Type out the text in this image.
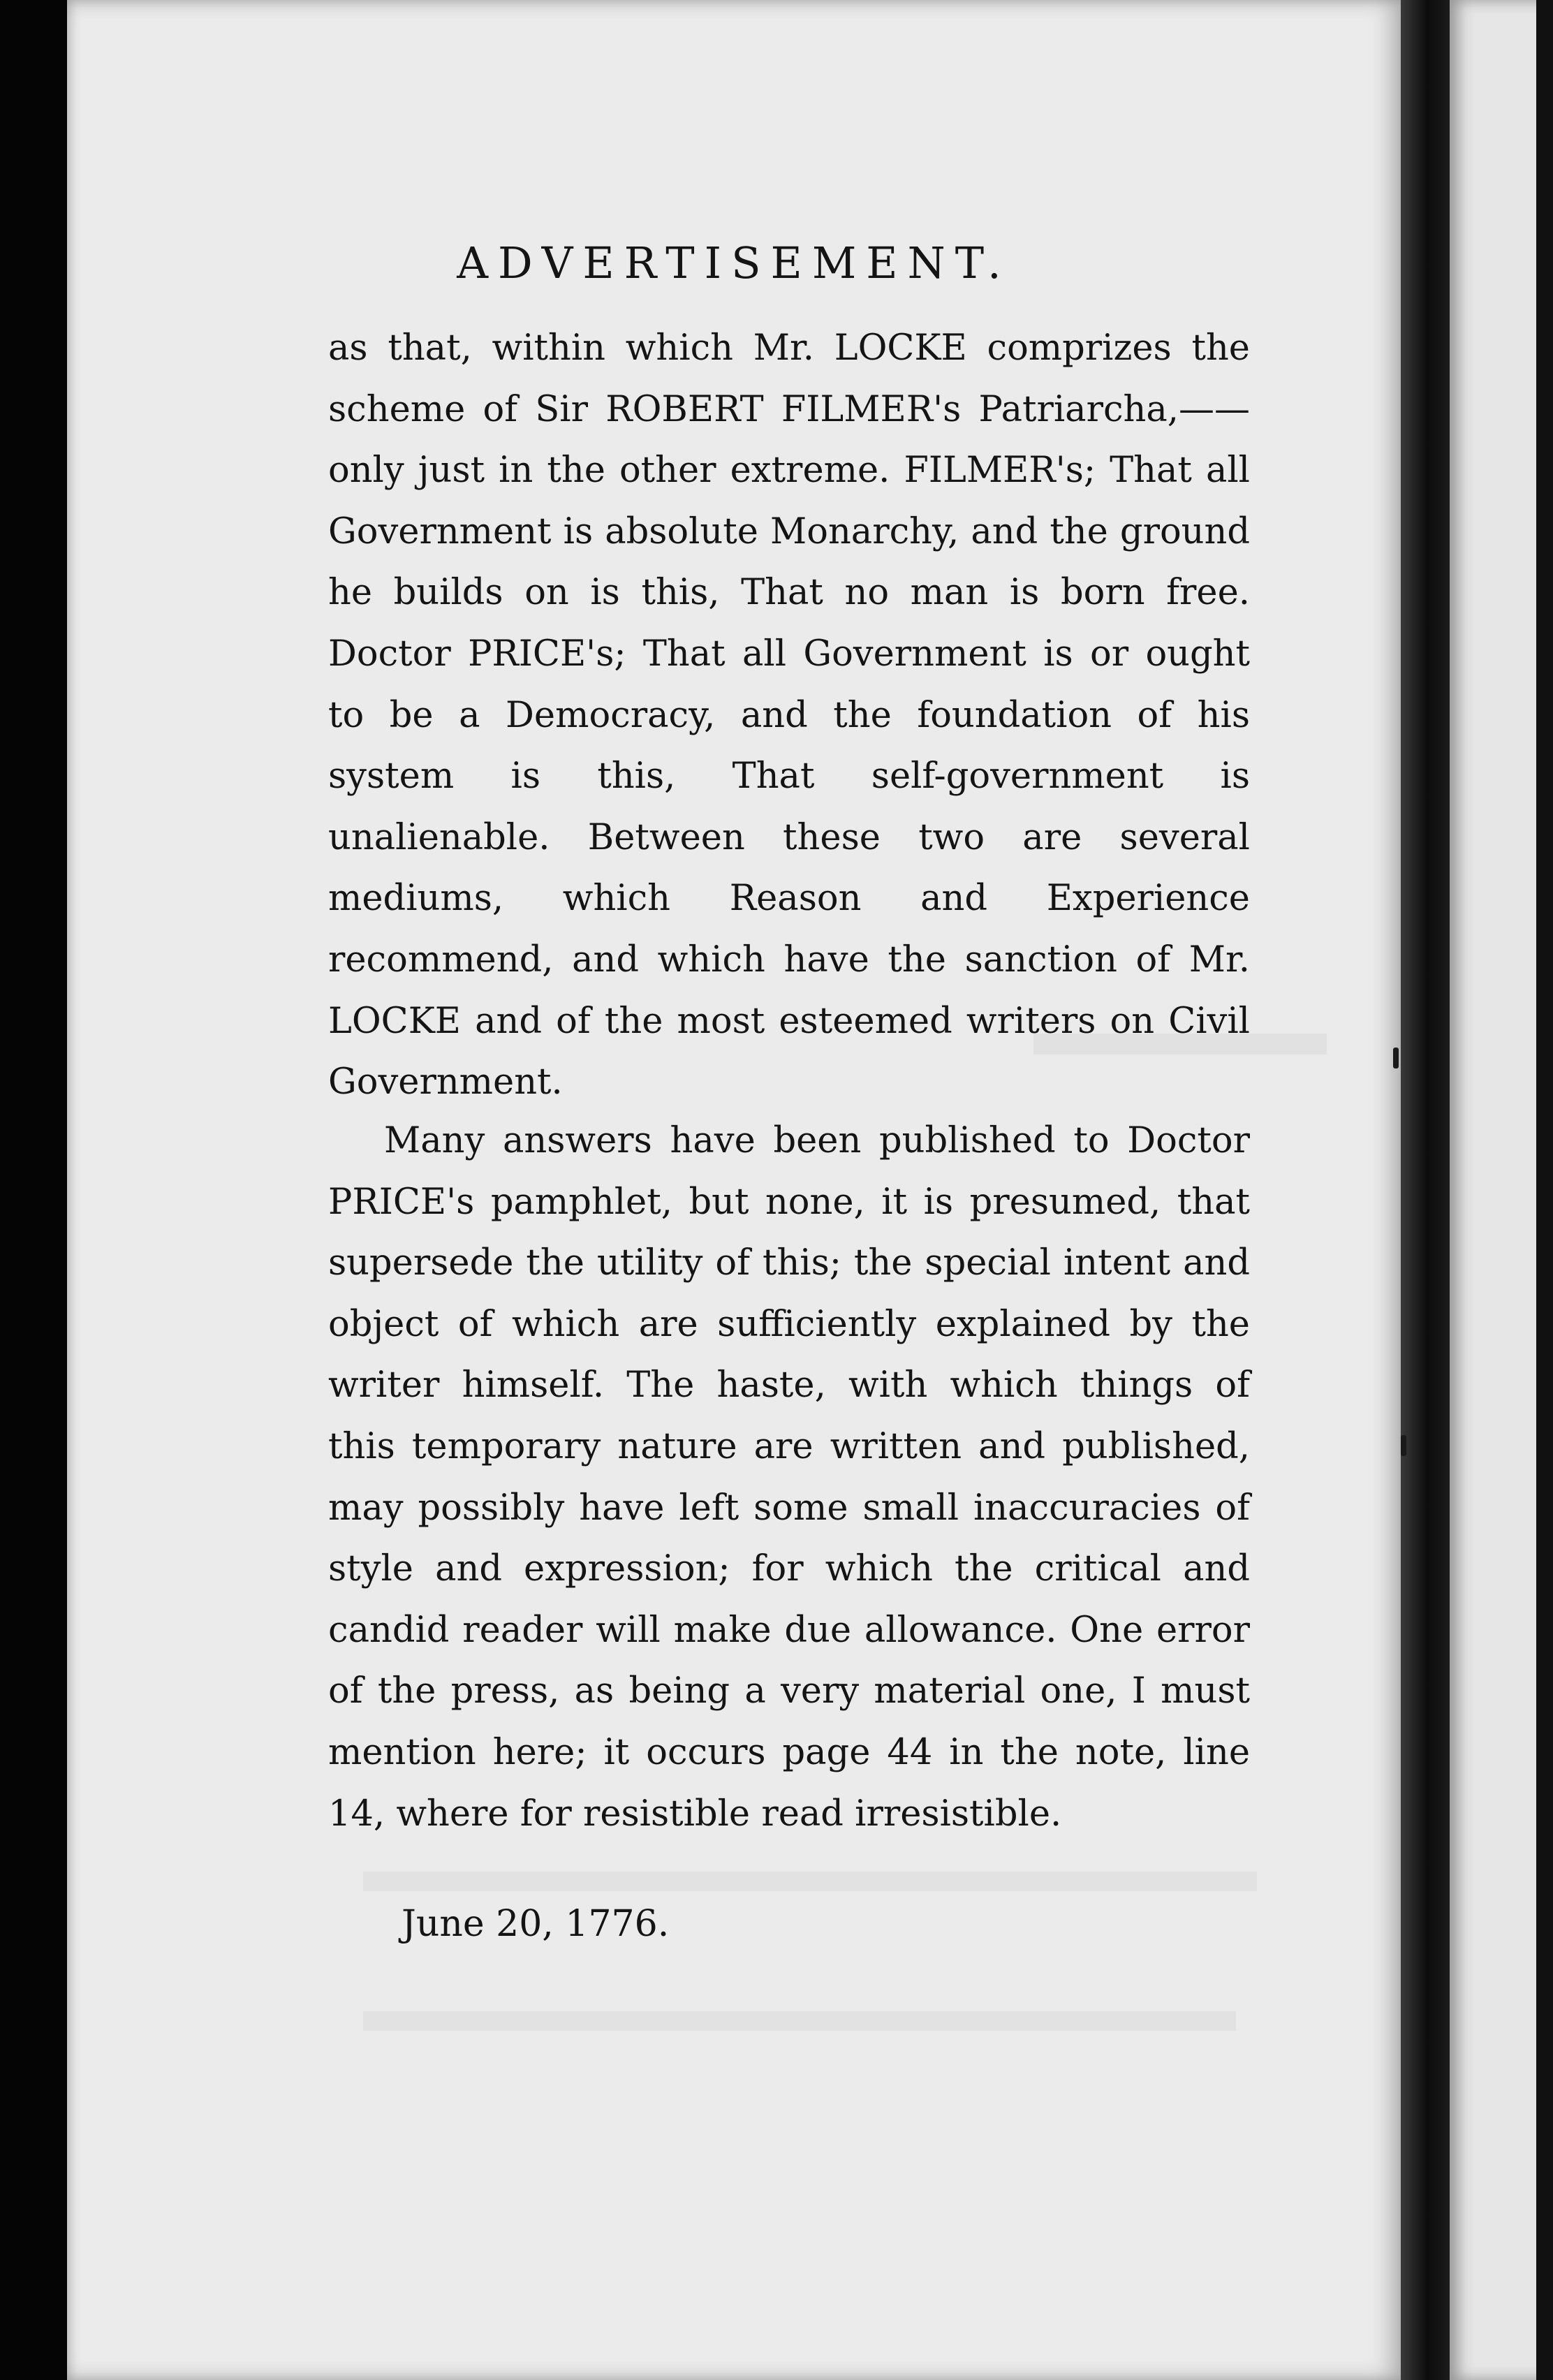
ADVERTISEMENT.

as that, within which Mr. LOCKE comprizes the scheme of Sir ROBERT FILMER's Patriarcha,—— only just in the other extreme. FILMER's; That all Government is absolute Monarchy, and the ground he builds on is this, That no man is born free. Doctor PRICE's; That all Government is or ought to be a Democracy, and the foundation of his system is this, That self-government is unalienable. Between these two are several mediums, which Reason and Experience recommend, and which have the sanction of Mr. LOCKE and of the most esteemed writers on Civil Government.

Many answers have been published to Doctor PRICE's pamphlet, but none, it is presumed, that supersede the utility of this; the special intent and object of which are sufficiently explained by the writer himself. The haste, with which things of this temporary nature are written and published, may possibly have left some small inaccuracies of style and expression; for which the critical and candid reader will make due allowance. One error of the press, as being a very material one, I must mention here; it occurs page 44 in the note, line 14, where for resistible read irresistible.

June 20, 1776.
